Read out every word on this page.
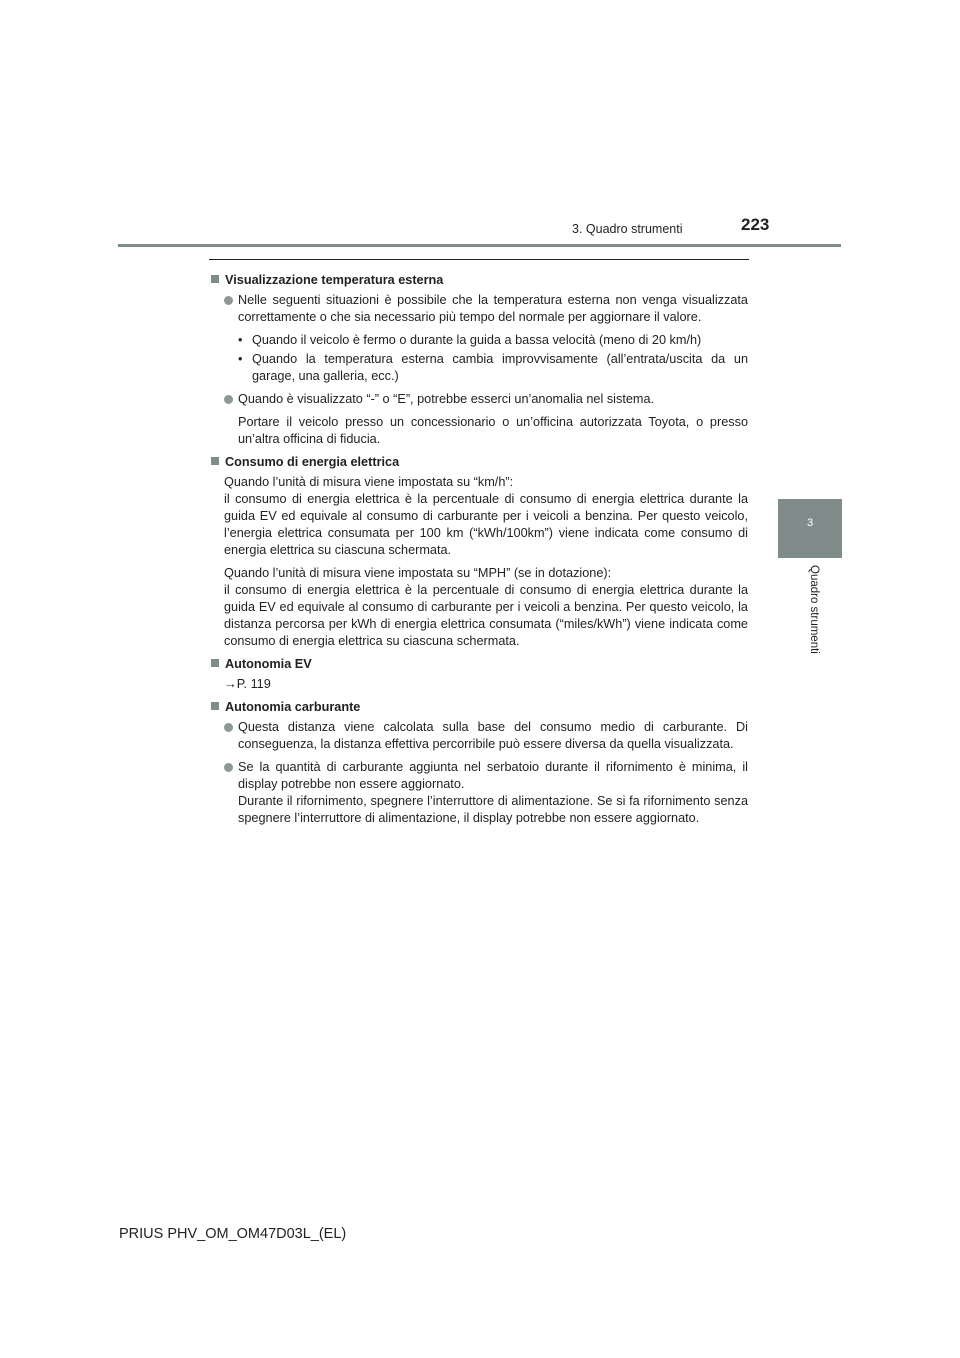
3. Quadro strumenti	223
3
Quadro strumenti
Visualizzazione temperatura esterna
Nelle seguenti situazioni è possibile che la temperatura esterna non venga visualizzata correttamente o che sia necessario più tempo del normale per aggiornare il valore.
• Quando il veicolo è fermo o durante la guida a bassa velocità (meno di 20 km/h)
• Quando la temperatura esterna cambia improvvisamente (all’entrata/uscita da un garage, una galleria, ecc.)
Quando è visualizzato “-” o “E”, potrebbe esserci un’anomalia nel sistema.
Portare il veicolo presso un concessionario o un’officina autorizzata Toyota, o presso un’altra officina di fiducia.
Consumo di energia elettrica
Quando l’unità di misura viene impostata su “km/h”:
il consumo di energia elettrica è la percentuale di consumo di energia elettrica durante la guida EV ed equivale al consumo di carburante per i veicoli a benzina. Per questo veicolo, l’energia elettrica consumata per 100 km (“kWh/100km”) viene indicata come consumo di energia elettrica su ciascuna schermata.
Quando l’unità di misura viene impostata su “MPH” (se in dotazione):
il consumo di energia elettrica è la percentuale di consumo di energia elettrica durante la guida EV ed equivale al consumo di carburante per i veicoli a benzina. Per questo veicolo, la distanza percorsa per kWh di energia elettrica consumata (“miles/kWh”) viene indicata come consumo di energia elettrica su ciascuna schermata.
Autonomia EV
→P. 119
Autonomia carburante
Questa distanza viene calcolata sulla base del consumo medio di carburante. Di conseguenza, la distanza effettiva percorribile può essere diversa da quella visualizzata.
Se la quantità di carburante aggiunta nel serbatoio durante il rifornimento è minima, il display potrebbe non essere aggiornato.
Durante il rifornimento, spegnere l’interruttore di alimentazione. Se si fa rifornimento senza spegnere l’interruttore di alimentazione, il display potrebbe non essere aggiornato.
PRIUS PHV_OM_OM47D03L_(EL)
